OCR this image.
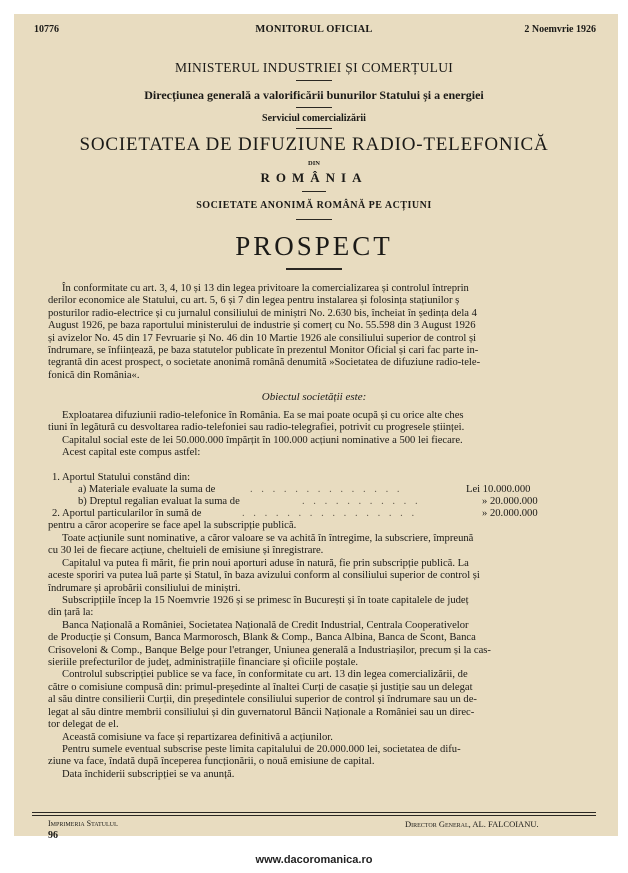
10776	MONITORUL OFICIAL	2 Noemvrie 1926
MINISTERUL INDUSTRIEI ȘI COMERȚULUI
Direcțiunea generală a valorificării bunurilor Statului și a energiei
Serviciul comercializării
SOCIETATEA DE DIFUZIUNE RADIO-TELEFONICĂ
DIN
ROMÂNIA
SOCIETATE ANONIMĂ ROMÂNĂ PE ACȚIUNI
PROSPECT
În conformitate cu art. 3, 4, 10 și 13 din legea privitoare la comercializarea și controlul întreprin
derilor economice ale Statului, cu art. 5, 6 și 7 din legea pentru instalarea și folosința stațiunilor ș
posturilor radio-electrice și cu jurnalul consiliului de miniștri No. 2.630 bis, încheiat în ședința dela 4
August 1926, pe baza raportului ministerului de industrie și comerț cu No. 55.598 din 3 August 1926
și avizelor No. 45 din 17 Fevruarie și No. 46 din 10 Martie 1926 ale consiliului superior de control și
îndrumare, se înființează, pe baza statutelor publicate în prezentul Monitor Oficial și cari fac parte in-
tegrantă din acest prospect, o societate anonimă română denumită »Societatea de difuziune radio-tele-
fonică din România«.
Obiectul societății este:
Exploatarea difuziunii radio-telefonice în România. Ea se mai poate ocupă și cu orice alte ches
tiuni în legătură cu desvoltarea radio-telefoniei sau radio-telegrafiei, potrivit cu progresele științei.
Capitalul social este de lei 50.000.000 împărțit în 100.000 acțiuni nominative a 500 lei fiecare.
Acest capital este compus astfel:
1. Aportul Statului constând din:
a) Materiale evaluate la suma de	. . . . . . . . . . . . . .	Lei 10.000.000
b) Dreptul regalian evaluat la suma de	. . . . . . . . . . .	» 20.000.000
2. Aportul particularilor în sumă de	. . . . . . . . . . . . . . . .	» 20.000.000
pentru a căror acoperire se face apel la subscripție publică.
Toate acțiunile sunt nominative, a căror valoare se va achită în întregime, la subscriere, împreună
cu 30 lei de fiecare acțiune, cheltuieli de emisiune și înregistrare.
Capitalul va putea fi mărit, fie prin noui aporturi aduse în natură, fie prin subscripție publică. La
aceste sporiri va putea luă parte și Statul, în baza avizului conform al consiliului superior de control și
îndrumare și aprobării consiliului de miniștri.
Subscripțiile încep la 15 Noemvrie 1926 și se primesc în București și în toate capitalele de județ
din țară la:
Banca Națională a României, Societatea Națională de Credit Industrial, Centrala Cooperativelor
de Producție și Consum, Banca Marmorosch, Blank & Comp., Banca Albina, Banca de Scont, Banca
Crisoveloni & Comp., Banque Belge pour l'etranger, Uniunea generală a Industriașilor, precum și la cas-
sieriile prefecturilor de județ, administrațiile financiare și oficiile poștale.
Controlul subscripției publice se va face, în conformitate cu art. 13 din legea comercializării, de
către o comisiune compusă din: primul-președinte al înaltei Curți de casație și justiție sau un delegat
al său dintre consilierii Curții, din președintele consiliului superior de control și îndrumare sau un de-
legat al său dintre membrii consiliului și din guvernatorul Băncii Naționale a României sau un direc-
tor delegat de el.
Această comisiune va face și repartizarea definitivă a acțiunilor.
Pentru sumele eventual subscrise peste limita capitalului de 20.000.000 lei, societatea de difu-
ziune va face, îndată după începerea funcționării, o nouă emisiune de capital.
Data închiderii subscripției se va anunță.
Imprimeria Statului.
96
Director General, AL. FALCOIANU.
www.dacoromanica.ro
